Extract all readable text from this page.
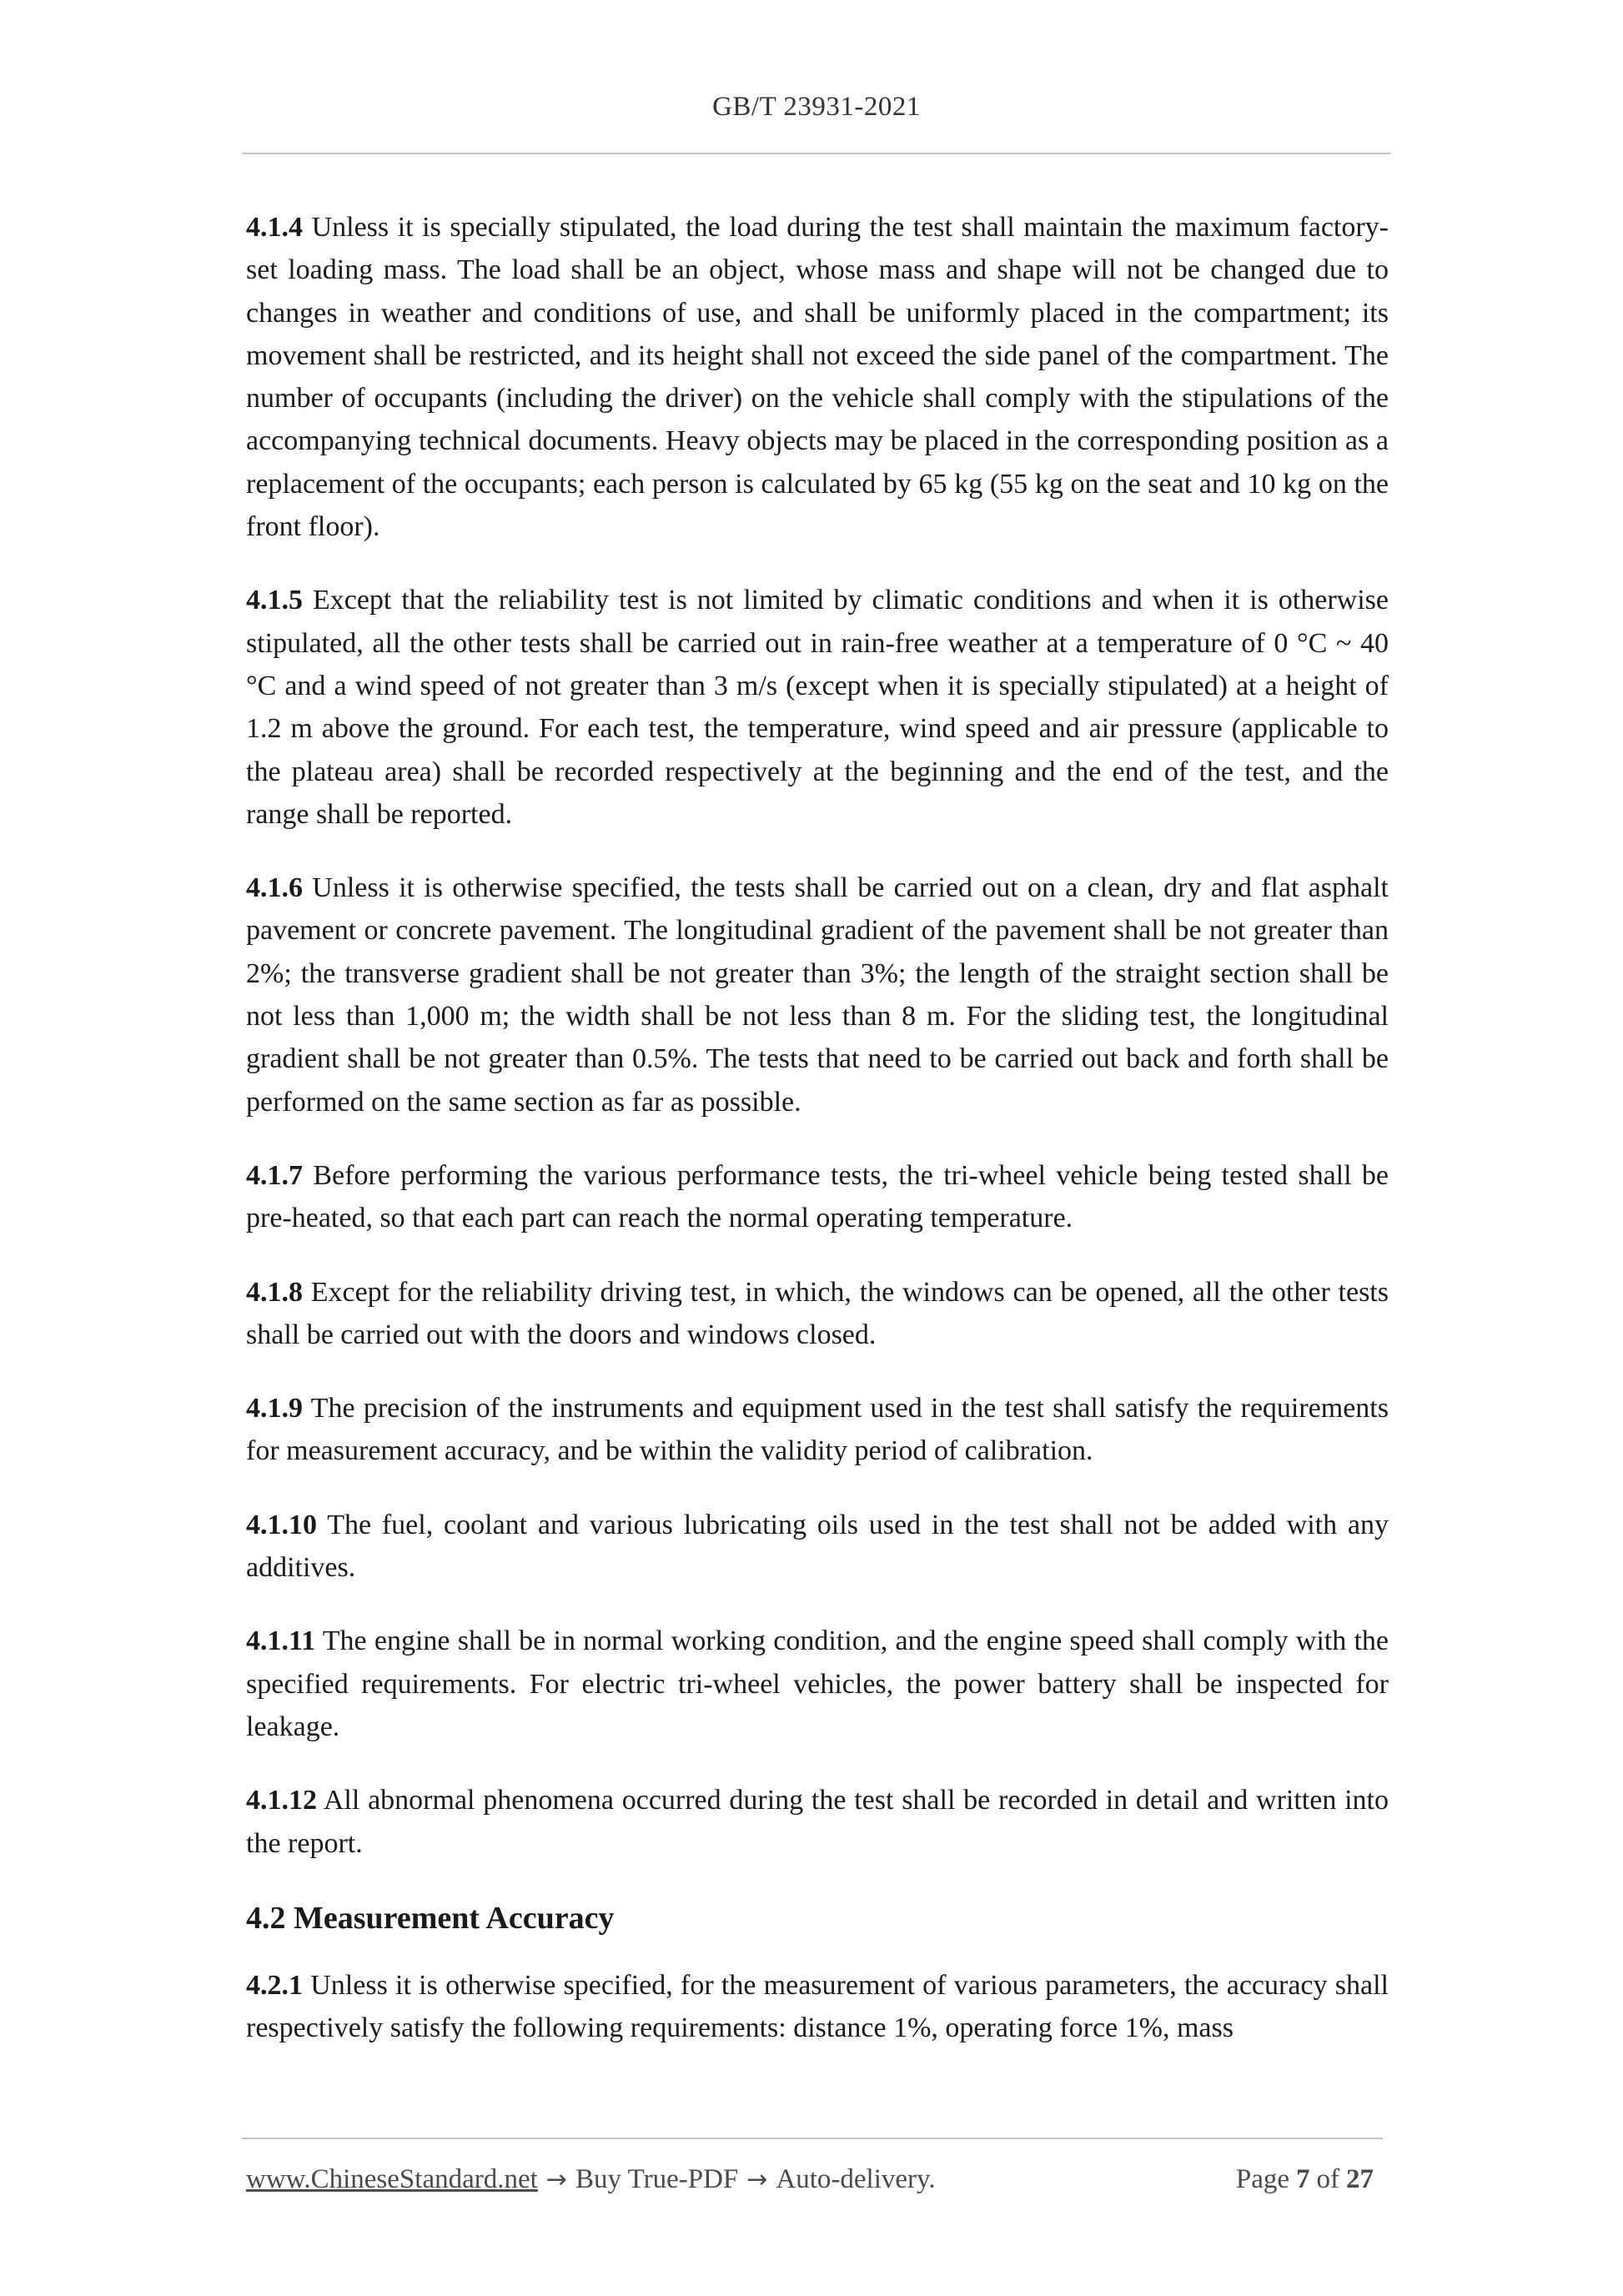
GB/T 23931-2021

4.1.4 Unless it is specially stipulated, the load during the test shall maintain the maximum factory-set loading mass. The load shall be an object, whose mass and shape will not be changed due to changes in weather and conditions of use, and shall be uniformly placed in the compartment; its movement shall be restricted, and its height shall not exceed the side panel of the compartment. The number of occupants (including the driver) on the vehicle shall comply with the stipulations of the accompanying technical documents. Heavy objects may be placed in the corresponding position as a replacement of the occupants; each person is calculated by 65 kg (55 kg on the seat and 10 kg on the front floor).

4.1.5 Except that the reliability test is not limited by climatic conditions and when it is otherwise stipulated, all the other tests shall be carried out in rain-free weather at a temperature of 0 °C ~ 40 °C and a wind speed of not greater than 3 m/s (except when it is specially stipulated) at a height of 1.2 m above the ground. For each test, the temperature, wind speed and air pressure (applicable to the plateau area) shall be recorded respectively at the beginning and the end of the test, and the range shall be reported.

4.1.6 Unless it is otherwise specified, the tests shall be carried out on a clean, dry and flat asphalt pavement or concrete pavement. The longitudinal gradient of the pavement shall be not greater than 2%; the transverse gradient shall be not greater than 3%; the length of the straight section shall be not less than 1,000 m; the width shall be not less than 8 m. For the sliding test, the longitudinal gradient shall be not greater than 0.5%. The tests that need to be carried out back and forth shall be performed on the same section as far as possible.

4.1.7 Before performing the various performance tests, the tri-wheel vehicle being tested shall be pre-heated, so that each part can reach the normal operating temperature.

4.1.8 Except for the reliability driving test, in which, the windows can be opened, all the other tests shall be carried out with the doors and windows closed.

4.1.9 The precision of the instruments and equipment used in the test shall satisfy the requirements for measurement accuracy, and be within the validity period of calibration.

4.1.10 The fuel, coolant and various lubricating oils used in the test shall not be added with any additives.

4.1.11 The engine shall be in normal working condition, and the engine speed shall comply with the specified requirements. For electric tri-wheel vehicles, the power battery shall be inspected for leakage.

4.1.12 All abnormal phenomena occurred during the test shall be recorded in detail and written into the report.

4.2 Measurement Accuracy

4.2.1 Unless it is otherwise specified, for the measurement of various parameters, the accuracy shall respectively satisfy the following requirements: distance 1%, operating force 1%, mass

www.ChineseStandard.net → Buy True-PDF → Auto-delivery.	Page 7 of 27
